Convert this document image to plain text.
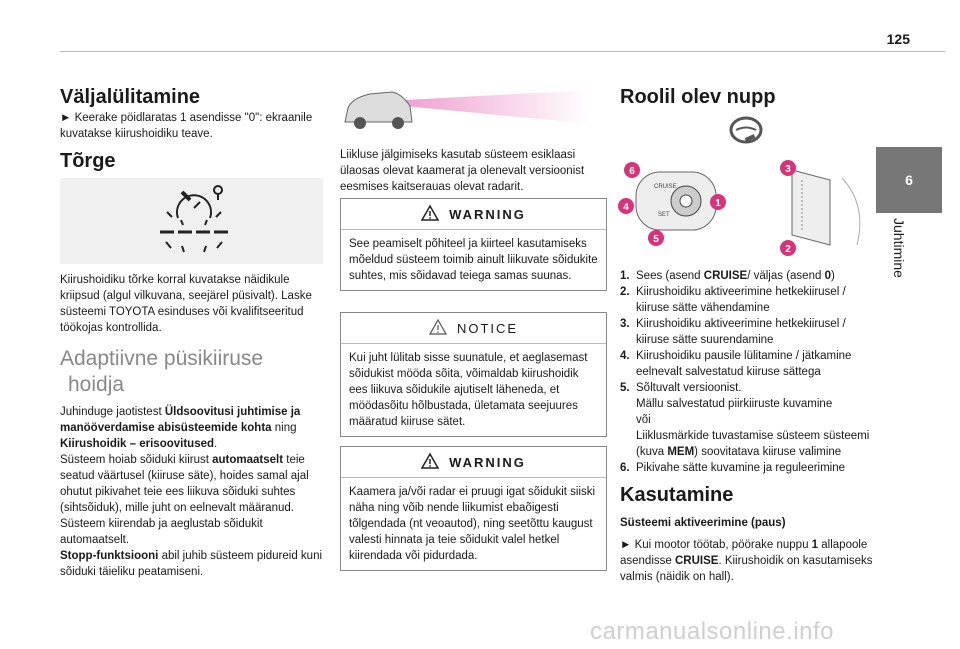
125
6
Juhtimine
Väljalülitamine

► Keerake pöidlaratas 1 asendisse "0": ekraanile kuvatakse kiirushoidiku teave.

Tõrge

Kiirushoidiku tõrke korral kuvatakse näidikule kriipsud (algul vilkuvana, seejärel püsivalt). Laske süsteemi TOYOTA esinduses või kvalifitseeritud töökojas kontrollida.

Adaptiivne püsikiiruse
hoidja
Juhinduge jaotistest Üldsoovitusi juhtimise ja manööverdamise abisüsteemide kohta ning Kiirushoidik – erisoovitused.
Süsteem hoiab sõiduki kiirust automaatselt teie seatud väärtusel (kiiruse säte), hoides samal ajal ohutut pikivahet teie ees liikuva sõiduki suhtes (sihtsõiduk), mille juht on eelnevalt määranud. Süsteem kiirendab ja aeglustab sõidukit automaatselt.
Stopp-funktsiooni abil juhib süsteem pidureid kuni sõiduki täieliku peatamiseni.

Liikluse jälgimiseks kasutab süsteem esiklaasi ülaosas olevat kaamerat ja olenevalt versioonist eesmises kaitserauas olevat radarit.

WARNING
See peamiselt põhiteel ja kiirteel kasutamiseks mõeldud süsteem toimib ainult liikuvate sõidukite suhtes, mis sõidavad teiega samas suunas.
NOTICE
Kui juht lülitab sisse suunatule, et aeglasemast sõidukist mööda sõita, võimaldab kiirushoidik ees liikuva sõidukile ajutiselt läheneda, et möödasõitu hõlbustada, ületamata seejuures määratud kiiruse sätet.
WARNING
Kaamera ja/või radar ei pruugi igat sõidukit siiski näha ning võib nende liikumist ebaõigesti tõlgendada (nt veoautod), ning seetõttu kaugust valesti hinnata ja teie sõidukit valel hetkel kiirendada või pidurdada.
Roolil olev nupp
CRUISE
SET
6
4	1
5
3
2
1. Sees (asend CRUISE/ väljas (asend 0)
2. Kiirushoidiku aktiveerimine hetkekiirusel / kiiruse sätte vähendamine
3. Kiirushoidiku aktiveerimine hetkekiirusel / kiiruse sätte suurendamine
4. Kiirushoidiku pausile lülitamine / jätkamine eelnevalt salvestatud kiiruse sättega
5. Sõltuvalt versioonist.
Mällu salvestatud piirkiiruste kuvamine
või
Liiklusmärkide tuvastamise süsteem süsteemi (kuva MEM) soovitatava kiiruse valimine
6. Pikivahe sätte kuvamine ja reguleerimine
Kasutamine
Süsteemi aktiveerimine (paus)

► Kui mootor töötab, pöörake nuppu 1 allapoole asendisse CRUISE. Kiirushoidik on kasutamiseks valmis (näidik on hall).

carmanualsonline.info
